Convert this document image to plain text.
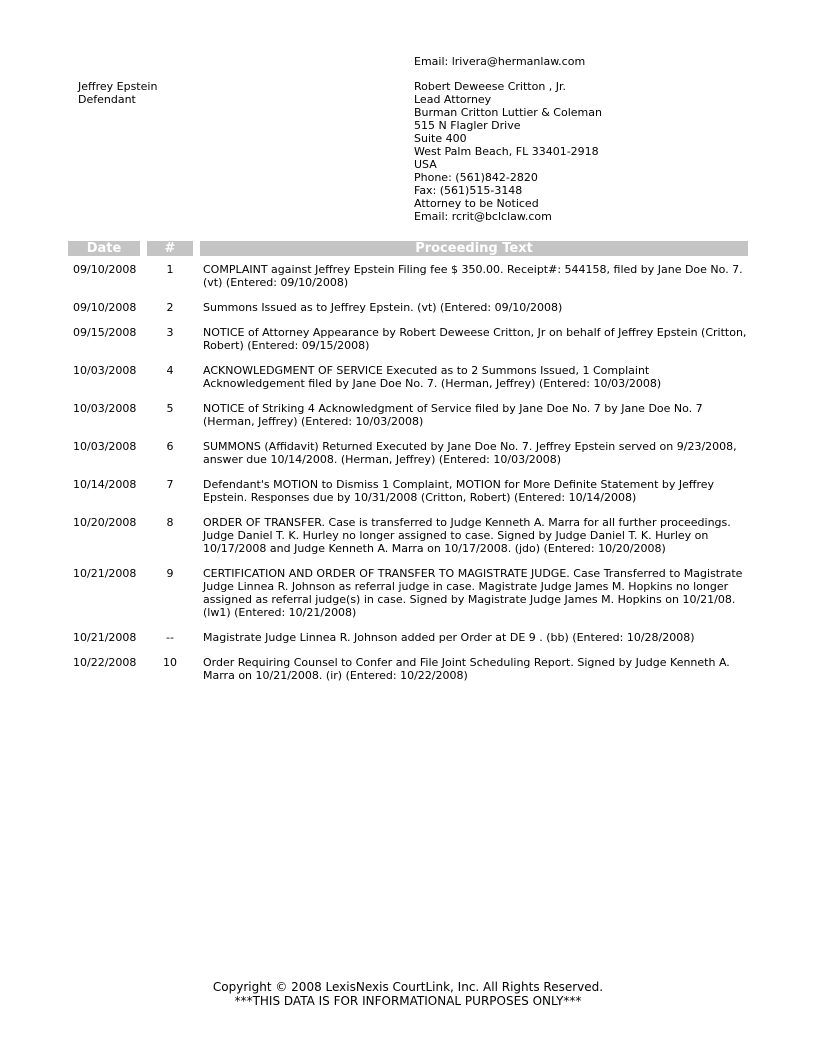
Email: lrivera@hermanlaw.com
Jeffrey Epstein
Defendant
Robert Deweese Critton , Jr.
Lead Attorney
Burman Critton Luttier & Coleman
515 N Flagler Drive
Suite 400
West Palm Beach, FL 33401-2918
USA
Phone: (561)842-2820
Fax: (561)515-3148
Attorney to be Noticed
Email: rcrit@bclclaw.com
Date	#	Proceeding Text
09/10/2008	1	COMPLAINT against Jeffrey Epstein Filing fee $ 350.00. Receipt#: 544158, filed by Jane Doe No. 7.(vt) (Entered: 09/10/2008)
09/10/2008	2	Summons Issued as to Jeffrey Epstein. (vt) (Entered: 09/10/2008)
09/15/2008	3	NOTICE of Attorney Appearance by Robert Deweese Critton, Jr on behalf of Jeffrey Epstein (Critton, Robert) (Entered: 09/15/2008)
10/03/2008	4	ACKNOWLEDGMENT OF SERVICE Executed as to 2 Summons Issued, 1 Complaint Acknowledgement filed by Jane Doe No. 7. (Herman, Jeffrey) (Entered: 10/03/2008)
10/03/2008	5	NOTICE of Striking 4 Acknowledgment of Service filed by Jane Doe No. 7 by Jane Doe No. 7 (Herman, Jeffrey) (Entered: 10/03/2008)
10/03/2008	6	SUMMONS (Affidavit) Returned Executed by Jane Doe No. 7. Jeffrey Epstein served on 9/23/2008, answer due 10/14/2008. (Herman, Jeffrey) (Entered: 10/03/2008)
10/14/2008	7	Defendant's MOTION to Dismiss 1 Complaint, MOTION for More Definite Statement by Jeffrey Epstein. Responses due by 10/31/2008 (Critton, Robert) (Entered: 10/14/2008)
10/20/2008	8	ORDER OF TRANSFER. Case is transferred to Judge Kenneth A. Marra for all further proceedings. Judge Daniel T. K. Hurley no longer assigned to case. Signed by Judge Daniel T. K. Hurley on 10/17/2008 and Judge Kenneth A. Marra on 10/17/2008. (jdo) (Entered: 10/20/2008)
10/21/2008	9	CERTIFICATION AND ORDER OF TRANSFER TO MAGISTRATE JUDGE. Case Transferred to Magistrate Judge Linnea R. Johnson as referral judge in case. Magistrate Judge James M. Hopkins no longer assigned as referral judge(s) in case. Signed by Magistrate Judge James M. Hopkins on 10/21/08. (lw1) (Entered: 10/21/2008)
10/21/2008	--	Magistrate Judge Linnea R. Johnson added per Order at DE 9 . (bb) (Entered: 10/28/2008)
10/22/2008	10	Order Requiring Counsel to Confer and File Joint Scheduling Report. Signed by Judge Kenneth A. Marra on 10/21/2008. (ir) (Entered: 10/22/2008)
Copyright © 2008 LexisNexis CourtLink, Inc. All Rights Reserved.
***THIS DATA IS FOR INFORMATIONAL PURPOSES ONLY***
